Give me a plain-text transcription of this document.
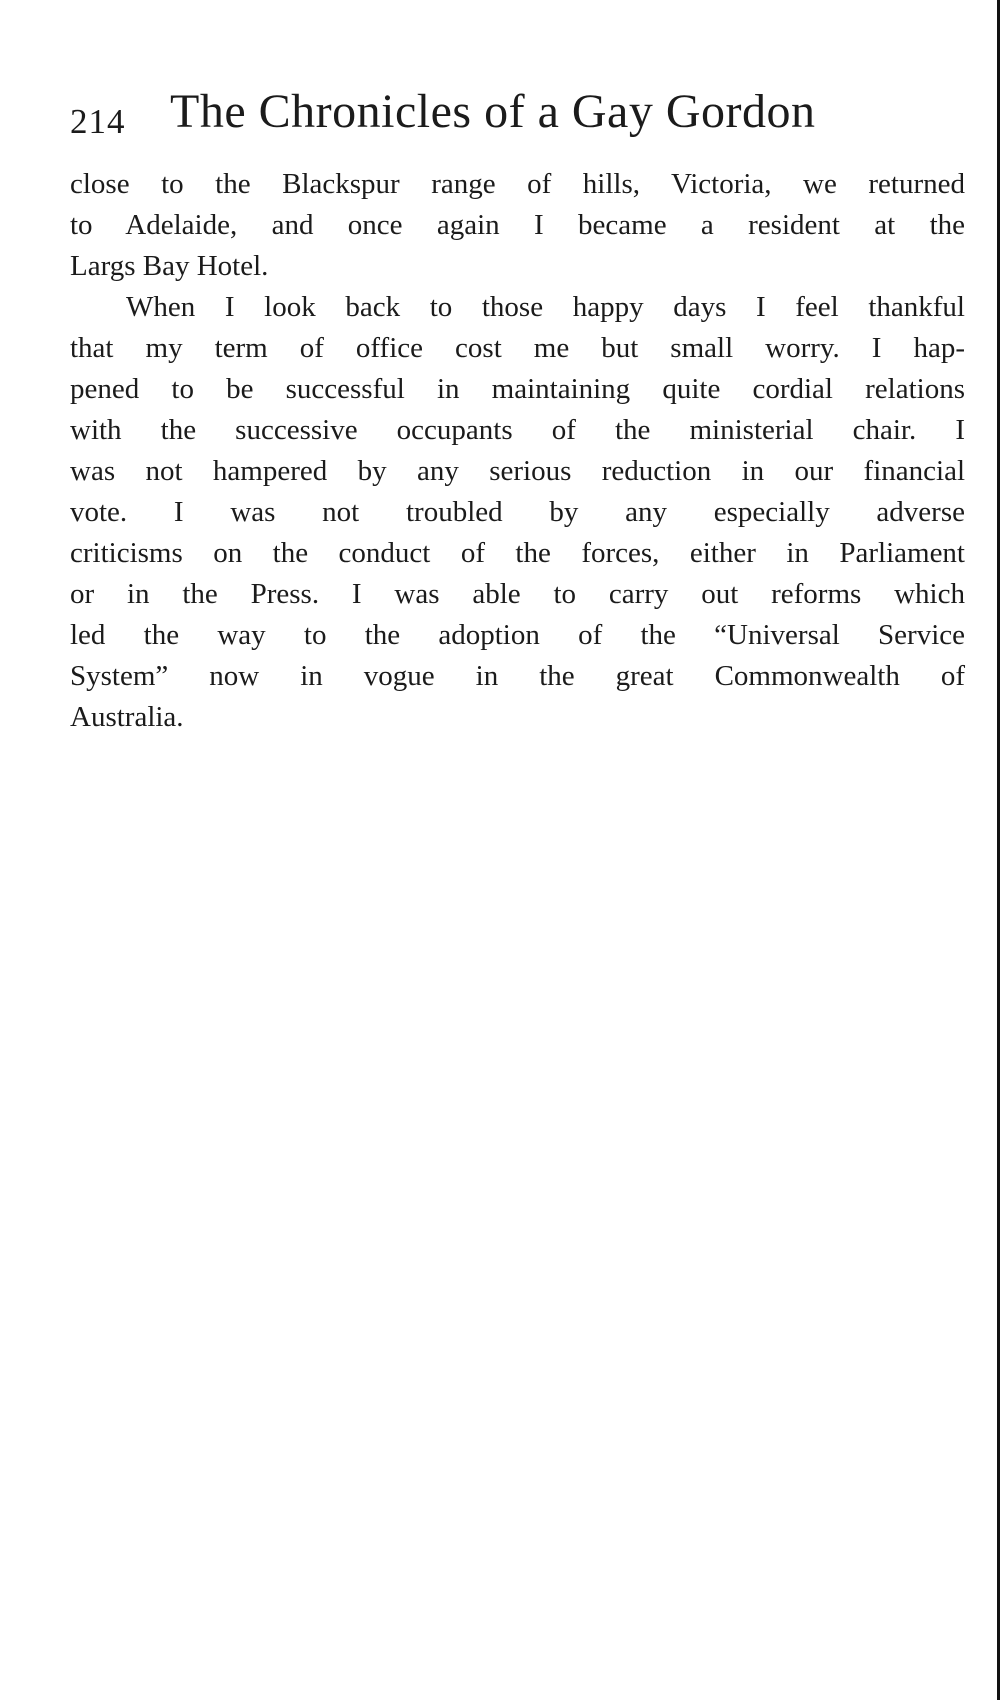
214 The Chronicles of a Gay Gordon
close to the Blackspur range of hills, Victoria, we returned
to Adelaide, and once again I became a resident at the
Largs Bay Hotel.
When I look back to those happy days I feel thankful
that my term of office cost me but small worry. I hap-
pened to be successful in maintaining quite cordial relations
with the successive occupants of the ministerial chair. I
was not hampered by any serious reduction in our financial
vote. I was not troubled by any especially adverse
criticisms on the conduct of the forces, either in Parliament
or in the Press. I was able to carry out reforms which
led the way to the adoption of the “Universal Service
System” now in vogue in the great Commonwealth of
Australia.
